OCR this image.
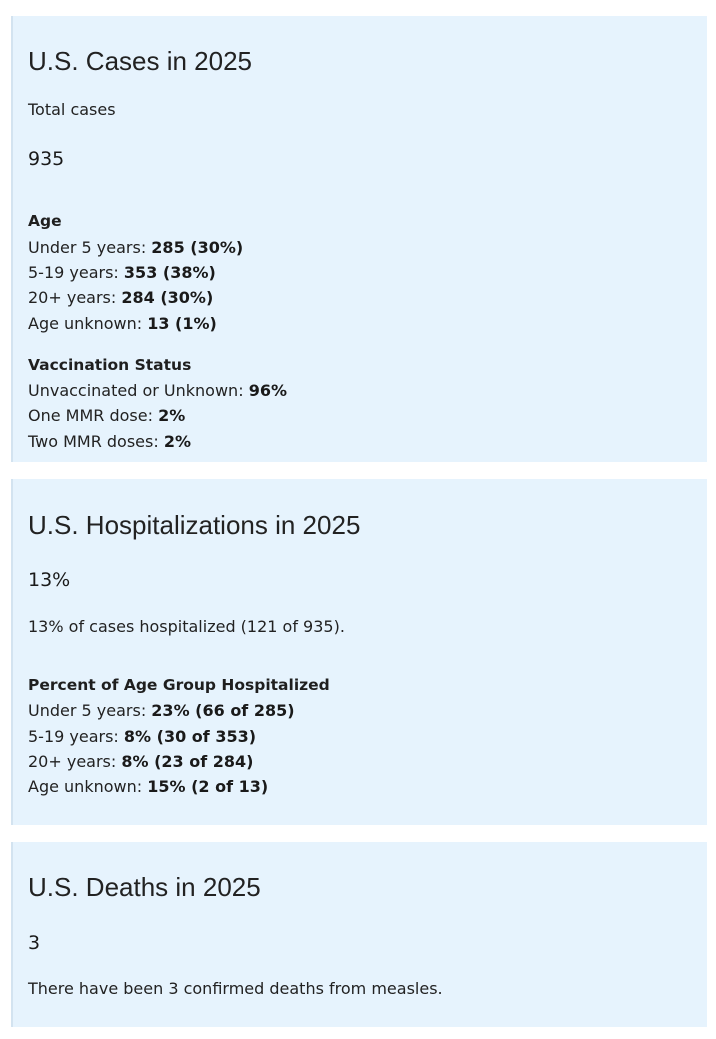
U.S. Cases in 2025

Total cases

935

Age

Under 5 years: 285 (30%)

5-19 years: 353 (38%)

20+ years: 284 (30%)

Age unknown: 13 (1%)

Vaccination Status

Unvaccinated or Unknown: 96%

One MMR dose: 2%

Two MMR doses: 2%

U.S. Hospitalizations in 2025

13%

13% of cases hospitalized (121 of 935).

Percent of Age Group Hospitalized

Under 5 years: 23% (66 of 285)

5-19 years: 8% (30 of 353)

20+ years: 8% (23 of 284)

Age unknown: 15% (2 of 13)

U.S. Deaths in 2025

3

There have been 3 confirmed deaths from measles.
